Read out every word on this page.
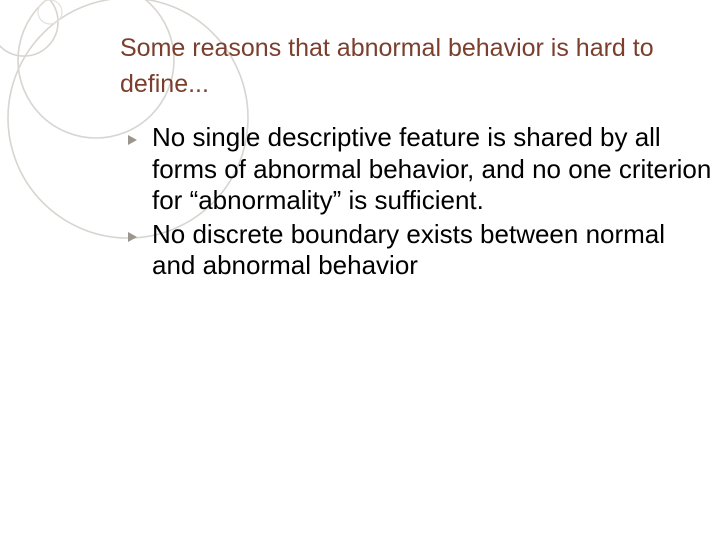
Some reasons that abnormal behavior is hard to define...
No single descriptive feature is shared by all forms of abnormal behavior, and no one criterion for “abnormality” is sufficient.
No discrete boundary exists between normal and abnormal behavior
